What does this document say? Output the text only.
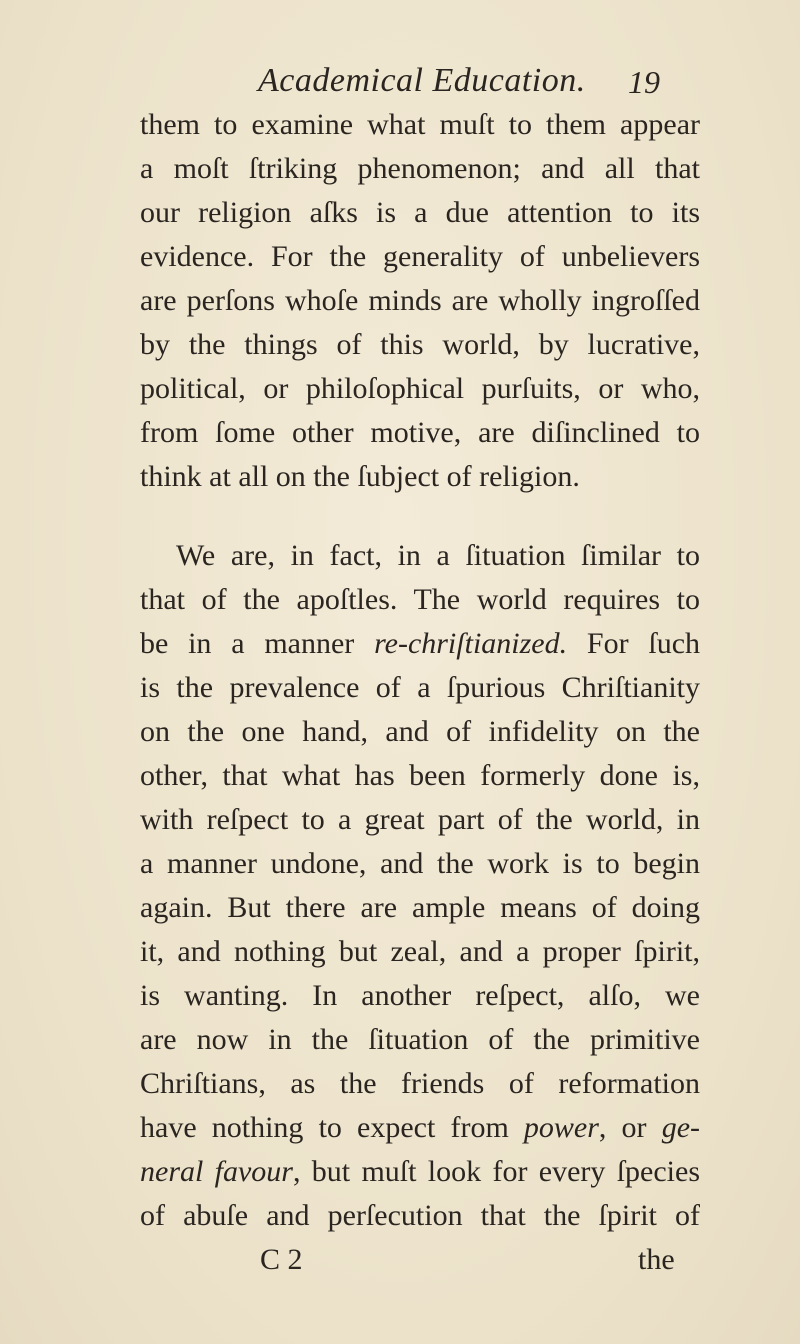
Academical Education. 19
them to examine what muſt to them appear
a moſt ſtriking phenomenon; and all that
our religion aſks is a due attention to its
evidence. For the generality of unbelievers
are perſons whoſe minds are wholly ingroſſed
by the things of this world, by lucrative,
political, or philoſophical purſuits, or who,
from ſome other motive, are diſinclined to
think at all on the ſubject of religion.
We are, in fact, in a ſituation ſimilar to
that of the apoſtles. The world requires to
be in a manner re-chriſtianized. For ſuch
is the prevalence of a ſpurious Chriſtianity
on the one hand, and of infidelity on the
other, that what has been formerly done is,
with reſpect to a great part of the world, in
a manner undone, and the work is to begin
again. But there are ample means of doing
it, and nothing but zeal, and a proper ſpirit,
is wanting. In another reſpect, alſo, we
are now in the ſituation of the primitive
Chriſtians, as the friends of reformation
have nothing to expect from power, or ge-
neral favour, but muſt look for every ſpecies
of abuſe and perſecution that the ſpirit of
C 2	the
